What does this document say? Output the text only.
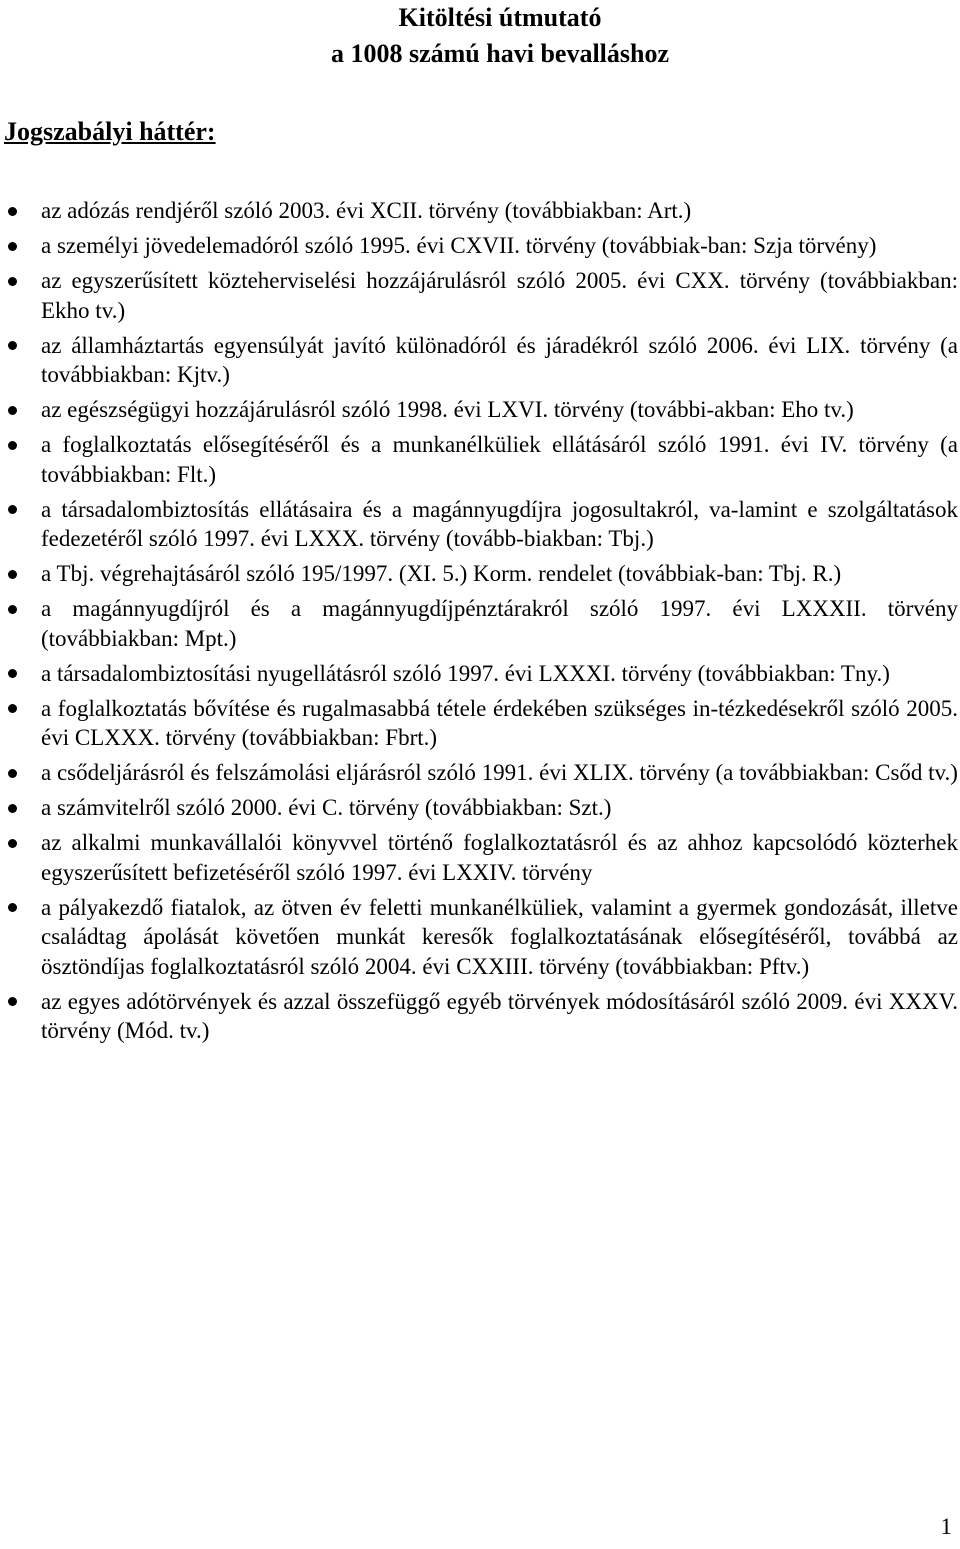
Kitöltési útmutató
a 1008 számú havi bevalláshoz
Jogszabályi háttér:
az adózás rendjéről szóló 2003. évi XCII. törvény (továbbiakban: Art.)
a személyi jövedelemadóról szóló 1995. évi CXVII. törvény (továbbiak-ban: Szja törvény)
az egyszerűsített közteherviselési hozzájárulásról szóló 2005. évi CXX. törvény (továbbiakban: Ekho tv.)
az államháztartás egyensúlyát javító különadóról és járadékról szóló 2006. évi LIX. törvény (a továbbiakban: Kjtv.)
az egészségügyi hozzájárulásról szóló 1998. évi LXVI. törvény (további-akban: Eho tv.)
a foglalkoztatás elősegítéséről és a munkanélküliek ellátásáról szóló 1991. évi IV. törvény (a továbbiakban: Flt.)
a társadalombiztosítás ellátásaira és a magánnyugdíjra jogosultakról, va-lamint e szolgáltatások fedezetéről szóló 1997. évi LXXX. törvény (tovább-biakban: Tbj.)
a Tbj. végrehajtásáról szóló 195/1997. (XI. 5.) Korm. rendelet (továbbiak-ban: Tbj. R.)
a magánnyugdíjról és a magánnyugdíjpénztárakról szóló 1997. évi LXXXII. törvény (továbbiakban: Mpt.)
a társadalombiztosítási nyugellátásról szóló 1997. évi LXXXI. törvény (továbbiakban: Tny.)
a foglalkoztatás bővítése és rugalmasabbá tétele érdekében szükséges in-tézkedésekről szóló 2005. évi CLXXX. törvény (továbbiakban: Fbrt.)
a csődeljárásról és felszámolási eljárásról szóló 1991. évi XLIX. törvény (a továbbiakban: Csőd tv.)
a számvitelről szóló 2000. évi C. törvény (továbbiakban: Szt.)
az alkalmi munkavállalói könyvvel történő foglalkoztatásról és az ahhoz kapcsolódó közterhek egyszerűsített befizetéséről szóló 1997. évi LXXIV. törvény
a pályakezdő fiatalok, az ötven év feletti munkanélküliek, valamint a gyermek gondozását, illetve családtag ápolását követően munkát keresők foglalkoztatásának elősegítéséről, továbbá az ösztöndíjas foglalkoztatásról szóló 2004. évi CXXIII. törvény (továbbiakban: Pftv.)
az egyes adótörvények és azzal összefüggő egyéb törvények módosításáról szóló 2009. évi XXXV. törvény (Mód. tv.)
1
